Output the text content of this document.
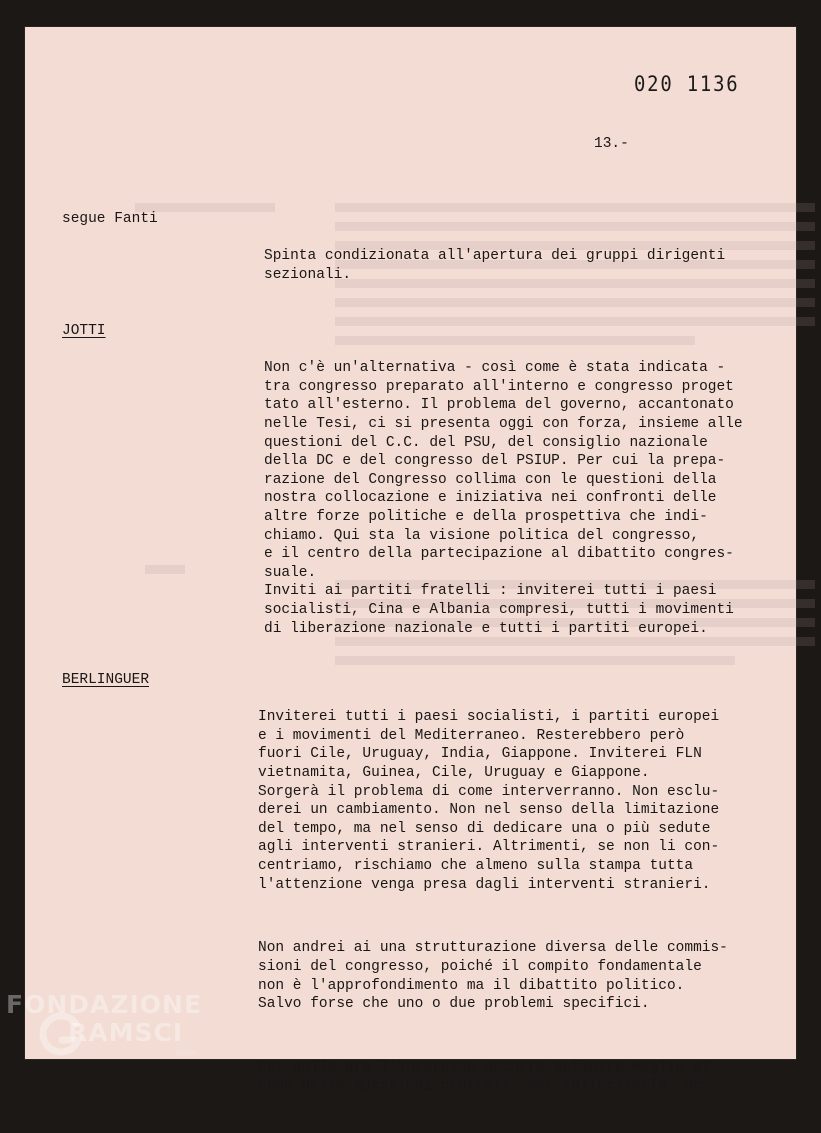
020 1136
13.-
segue Fanti

Spinta condizionata all'apertura dei gruppi dirigenti
sezionali.

JOTTI

Non c'è un'alternativa - così come è stata indicata -
tra congresso preparato all'interno e congresso proget
tato all'esterno. Il problema del governo, accantonato
nelle Tesi, ci si presenta oggi con forza, insieme alle
questioni del C.C. del PSU, del consiglio nazionale
della DC e del congresso del PSIUP. Per cui la prepa-
razione del Congresso collima con le questioni della
nostra collocazione e iniziativa nei confronti delle
altre forze politiche e della prospettiva che indi-
chiamo. Qui sta la visione politica del congresso,
e il centro della partecipazione al dibattito congres-
suale.
Inviti ai partiti fratelli : inviterei tutti i paesi
socialisti, Cina e Albania compresi, tutti i movimenti
di liberazione nazionale e tutti i partiti europei.

BERLINGUER

Inviterei tutti i paesi socialisti, i partiti europei
e i movimenti del Mediterraneo. Resterebbero però
fuori Cile, Uruguay, India, Giappone. Inviterei FLN
vietnamita, Guinea, Cile, Uruguay e Giappone.
Sorgerà il problema di come interverranno. Non esclu-
derei un cambiamento. Non nel senso della limitazione
del tempo, ma nel senso di dedicare una o più sedute
agli interventi stranieri. Altrimenti, se non li con-
centriamo, rischiamo che almeno sulla stampa tutta
l'attenzione venga presa dagli interventi stranieri.

Non andrei ai una strutturazione diversa delle commis-
sioni del congresso, poiché il compito fondamentale
non è l'approfondimento ma il dibattito politico.
Salvo forse che uno o due problemi specifici.

Per sollevare l'interesse occorre definire meglio al-
cune delle questioni centrali. Per sollecitarlo, oc-

FONDAZIONE
RAMSCI
onlus
